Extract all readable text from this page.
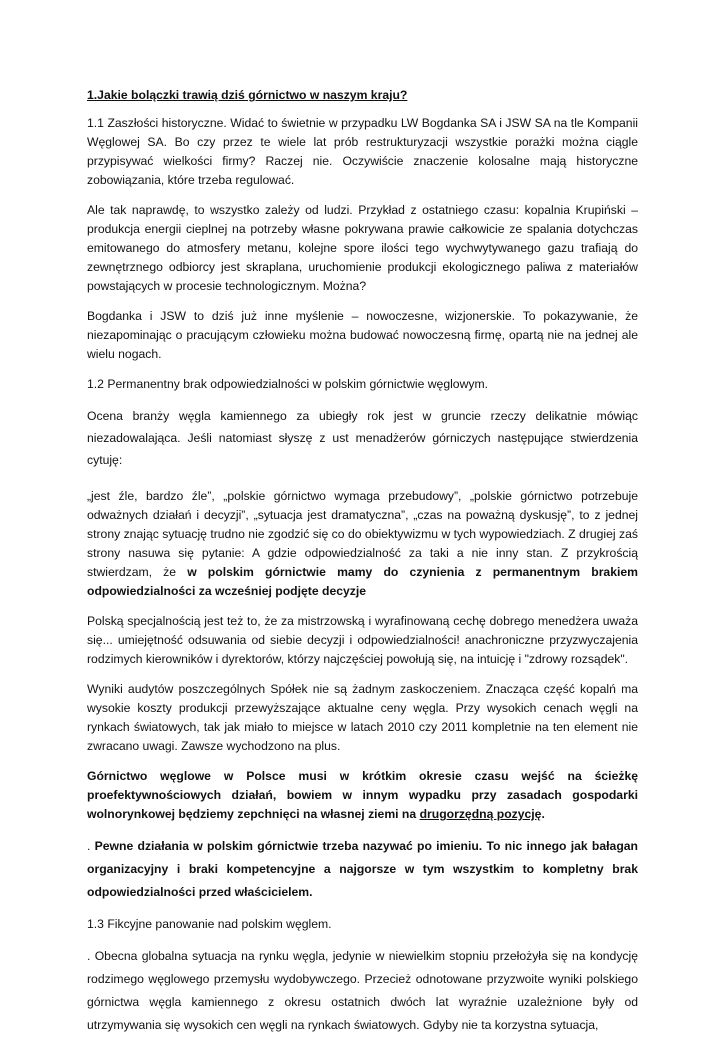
1.Jakie bolączki trawią dziś górnictwo w naszym kraju?

1.1 Zaszłości historyczne. Widać to świetnie w przypadku LW Bogdanka SA i JSW SA na tle Kompanii Węglowej SA. Bo czy przez te wiele lat prób restrukturyzacji wszystkie porażki można ciągle przypisywać wielkości firmy? Raczej nie. Oczywiście znaczenie kolosalne mają historyczne zobowiązania, które trzeba regulować.

Ale tak naprawdę, to wszystko zależy od ludzi. Przykład z ostatniego czasu: kopalnia Krupiński – produkcja energii cieplnej na potrzeby własne pokrywana prawie całkowicie ze spalania dotychczas emitowanego do atmosfery metanu, kolejne spore ilości tego wychwytywanego gazu trafiają do zewnętrznego odbiorcy jest skraplana, uruchomienie produkcji ekologicznego paliwa z materiałów powstających w procesie technologicznym. Można?

Bogdanka i JSW to dziś już inne myślenie – nowoczesne, wizjonerskie. To pokazywanie, że niezapominając o pracującym człowieku można budować nowoczesną firmę, opartą nie na jednej ale wielu nogach.

1.2 Permanentny brak odpowiedzialności w polskim górnictwie węglowym.

Ocena branży węgla kamiennego za ubiegły rok jest w gruncie rzeczy delikatnie mówiąc niezadowalająca. Jeśli natomiast słyszę z ust menadżerów górniczych następujące stwierdzenia cytuję:

„jest źle, bardzo źle”, „polskie górnictwo wymaga przebudowy”, „polskie górnictwo potrzebuje odważnych działań i decyzji”, „sytuacja jest dramatyczna”, „czas na poważną dyskusję”, to z jednej strony znając sytuację trudno nie zgodzić się co do obiektywizmu w tych wypowiedziach. Z drugiej zaś strony nasuwa się pytanie: A gdzie odpowiedzialność za taki a nie inny stan. Z przykrością stwierdzam, że w polskim górnictwie mamy do czynienia z permanentnym brakiem odpowiedzialności za wcześniej podjęte decyzje

Polską specjalnością jest też to, że za mistrzowską i wyrafinowaną cechę dobrego menedżera uważa się... umiejętność odsuwania od siebie decyzji i odpowiedzialności! anachroniczne przyzwyczajenia rodzimych kierowników i dyrektorów, którzy najczęściej powołują się, na intuicję i "zdrowy rozsądek".

Wyniki audytów poszczególnych Spółek nie są żadnym zaskoczeniem. Znacząca część kopalń ma wysokie koszty produkcji przewyższające aktualne ceny węgla. Przy wysokich cenach węgli na rynkach światowych, tak jak miało to miejsce w latach 2010 czy 2011 kompletnie na ten element nie zwracano uwagi. Zawsze wychodzono na plus.

Górnictwo węglowe w Polsce musi w krótkim okresie czasu wejść na ścieżkę proefektywnościowych działań, bowiem w innym wypadku przy zasadach gospodarki wolnorynkowej będziemy zepchnięci na własnej ziemi na drugorzędną pozycję.

. Pewne działania w polskim górnictwie trzeba nazywać po imieniu. To nic innego jak bałagan organizacyjny i braki kompetencyjne a najgorsze w tym wszystkim to kompletny brak odpowiedzialności przed właścicielem.

1.3 Fikcyjne panowanie nad polskim węglem.

. Obecna globalna sytuacja na rynku węgla, jedynie w niewielkim stopniu przełożyła się na kondycję rodzimego węglowego przemysłu wydobywczego. Przecież odnotowane przyzwoite wyniki polskiego górnictwa węgla kamiennego z okresu ostatnich dwóch lat wyraźnie uzależnione były od utrzymywania się wysokich cen węgli na rynkach światowych. Gdyby nie ta korzystna sytuacja,
